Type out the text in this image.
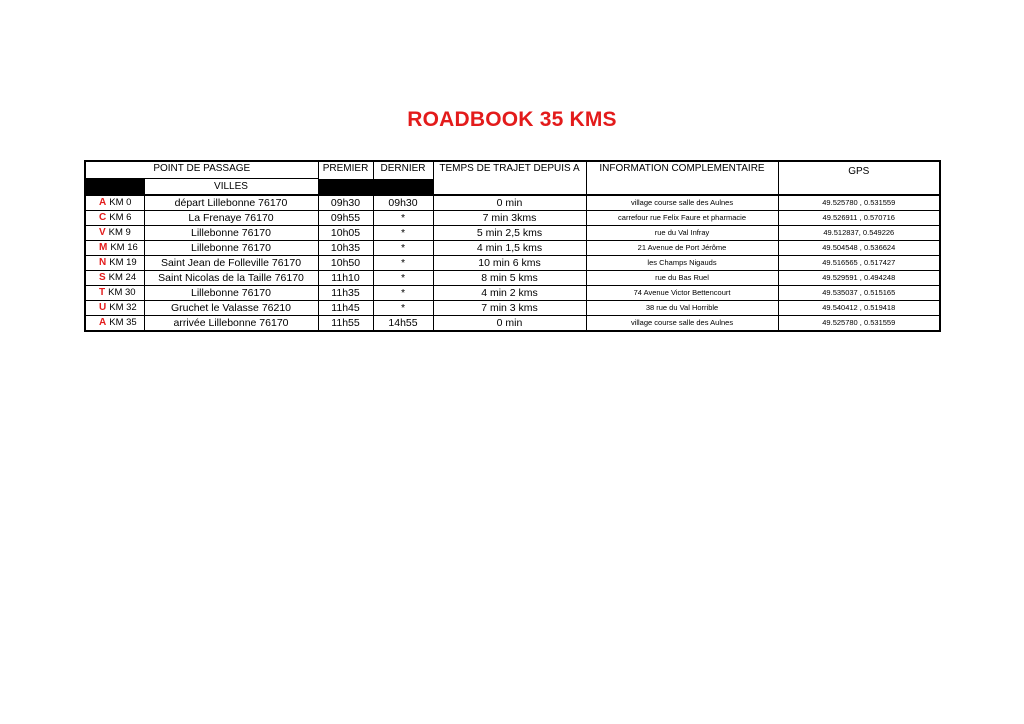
ROADBOOK 35 KMS
POINT DE PASSAGE		PREMIER	DERNIER	TEMPS DE TRAJET DEPUIS A	INFORMATION COMPLEMENTAIRE	GPS
	VILLES					
A KM 0	départ Lillebonne 76170	09h30	09h30	0 min	village course salle des Aulnes	49.525780 , 0.531559
C KM 6	La Frenaye 76170	09h55	*	7 min 3kms	carrefour rue Felix Faure et pharmacie	49.526911 , 0.570716
V KM 9	Lillebonne 76170	10h05	*	5 min 2,5 kms	rue du Val Infray	49.512837, 0.549226
M KM 16	Lillebonne 76170	10h35	*	4 min 1,5 kms	21 Avenue de Port Jérôme	49.504548 , 0.536624
N KM 19	Saint Jean de Folleville 76170	10h50	*	10 min 6 kms	les Champs Nigauds	49.516565 , 0.517427
S KM 24	Saint Nicolas de la Taille 76170	11h10	*	8 min 5 kms	rue du Bas Ruel	49.529591 , 0.494248
T KM 30	Lillebonne 76170	11h35	*	4 min 2 kms	74 Avenue Victor Bettencourt	49.535037 , 0.515165
U KM 32	Gruchet le Valasse 76210	11h45	*	7 min 3 kms	38 rue du Val Horrible	49.540412 , 0.519418
A KM 35	arrivée Lillebonne 76170	11h55	14h55	0 min	village course salle des Aulnes	49.525780 , 0.531559
